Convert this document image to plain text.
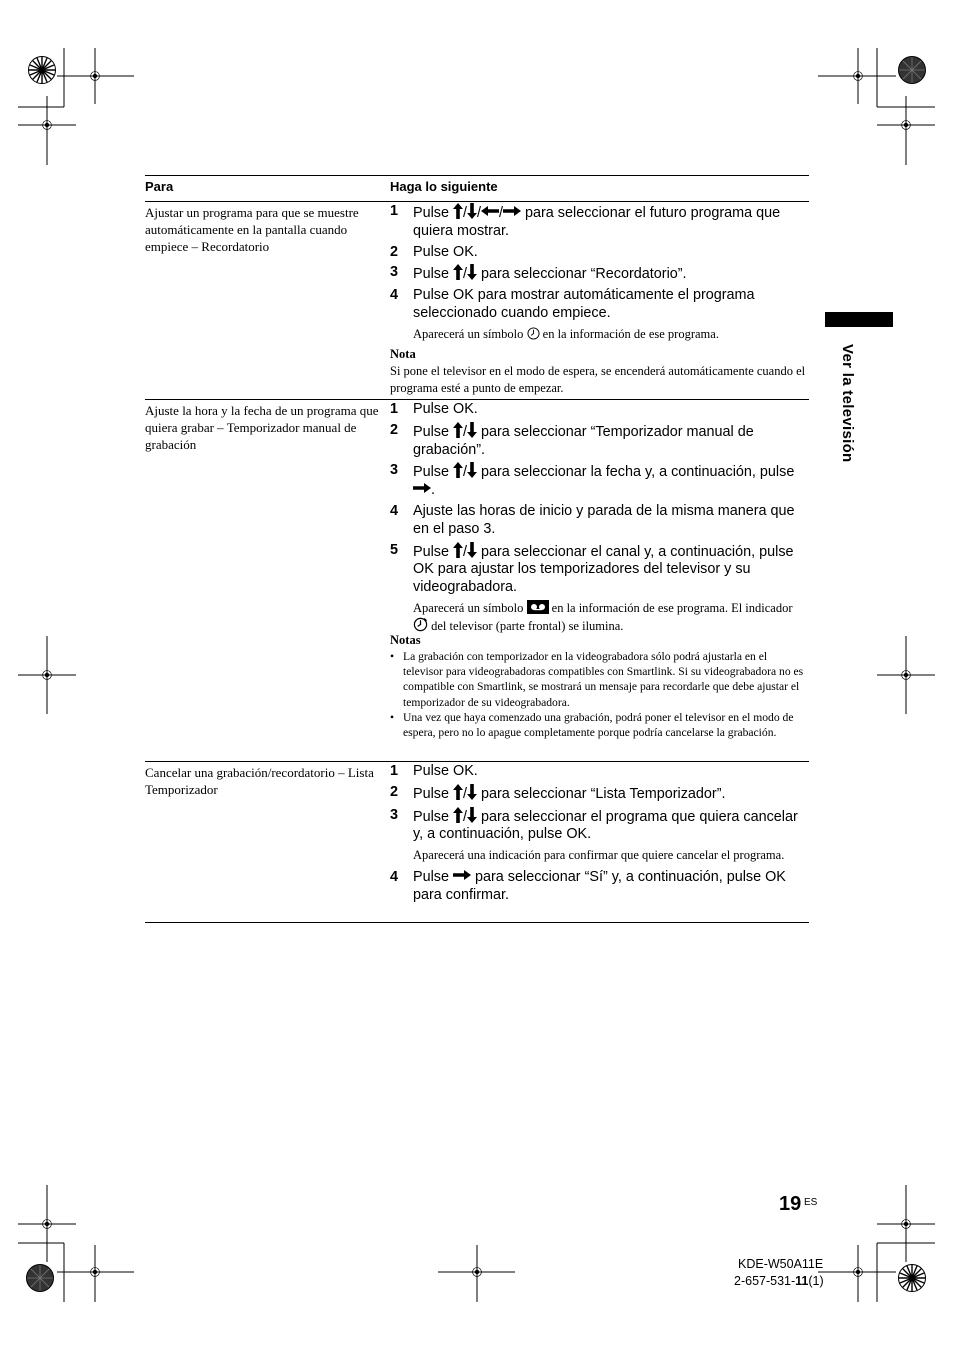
Ver la televisión
Para	Haga lo siguiente
Ajustar un programa para que se muestre automáticamente en la pantalla cuando empiece – Recordatorio
1 Pulse / / / para seleccionar el futuro programa que quiera mostrar.
2 Pulse OK.
3 Pulse / para seleccionar “Recordatorio”.
4 Pulse OK para mostrar automáticamente el programa seleccionado cuando empiece.
Aparecerá un símbolo  en la información de ese programa.
Nota
Si pone el televisor en el modo de espera, se encenderá automáticamente cuando el programa esté a punto de empezar.
Ajuste la hora y la fecha de un programa que quiera grabar – Temporizador manual de grabación
1 Pulse OK.
2 Pulse / para seleccionar “Temporizador manual de grabación”.
3 Pulse / para seleccionar la fecha y, a continuación, pulse .
4 Ajuste las horas de inicio y parada de la misma manera que en el paso 3.
5 Pulse / para seleccionar el canal y, a continuación, pulse OK para ajustar los temporizadores del televisor y su videograbadora.
Aparecerá un símbolo  en la información de ese programa. El indicador  del televisor (parte frontal) se ilumina.
Notas
• La grabación con temporizador en la videograbadora sólo podrá ajustarla en el televisor para videograbadoras compatibles con Smartlink. Si su videograbadora no es compatible con Smartlink, se mostrará un mensaje para recordarle que debe ajustar el temporizador de su videograbadora.
• Una vez que haya comenzado una grabación, podrá poner el televisor en el modo de espera, pero no lo apague completamente porque podría cancelarse la grabación.
Cancelar una grabación/recordatorio – Lista Temporizador
1 Pulse OK.
2 Pulse / para seleccionar “Lista Temporizador”.
3 Pulse / para seleccionar el programa que quiera cancelar y, a continuación, pulse OK.
Aparecerá una indicación para confirmar que quiere cancelar el programa.
4 Pulse  para seleccionar “Sí” y, a continuación, pulse OK para confirmar.
19 ES
KDE-W50A11E
2-657-531-11(1)
